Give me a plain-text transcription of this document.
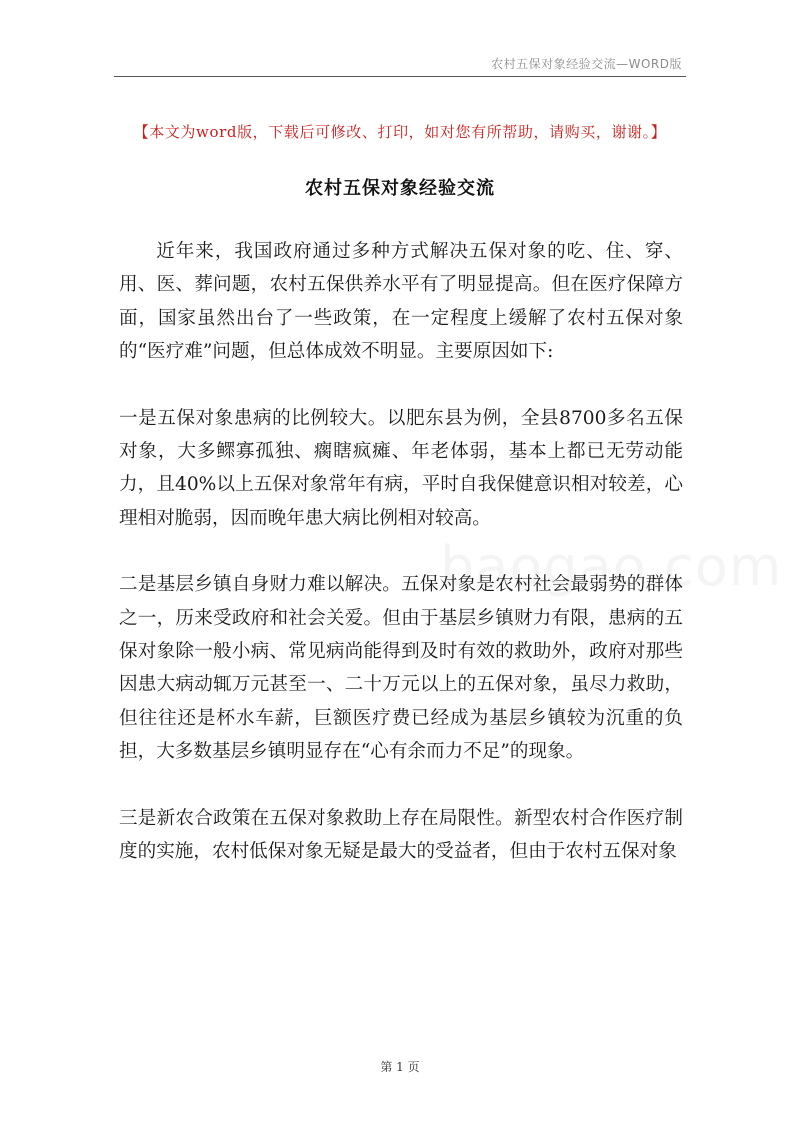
农村五保对象经验交流—WORD版
【本文为word版，下载后可修改、打印，如对您有所帮助，请购买，谢谢。】
农村五保对象经验交流

近年来，我国政府通过多种方式解决五保对象的吃、住、穿、用、医、葬问题，农村五保供养水平有了明显提高。但在医疗保障方面，国家虽然出台了一些政策，在一定程度上缓解了农村五保对象的“医疗难”问题，但总体成效不明显。主要原因如下:

一是五保对象患病的比例较大。以肥东县为例，全县8700多名五保对象，大多鳏寡孤独、瘸瞎疯瘫、年老体弱，基本上都已无劳动能力，且40%以上五保对象常年有病，平时自我保健意识相对较差，心理相对脆弱，因而晚年患大病比例相对较高。

二是基层乡镇自身财力难以解决。五保对象是农村社会最弱势的群体之一，历来受政府和社会关爱。但由于基层乡镇财力有限，患病的五保对象除一般小病、常见病尚能得到及时有效的救助外，政府对那些因患大病动辄万元甚至一、二十万元以上的五保对象，虽尽力救助，但往往还是杯水车薪，巨额医疗费已经成为基层乡镇较为沉重的负担，大多数基层乡镇明显存在“心有余而力不足”的现象。

三是新农合政策在五保对象救助上存在局限性。新型农村合作医疗制度的实施，农村低保对象无疑是最大的受益者，但由于农村五保对象

第 1 页
